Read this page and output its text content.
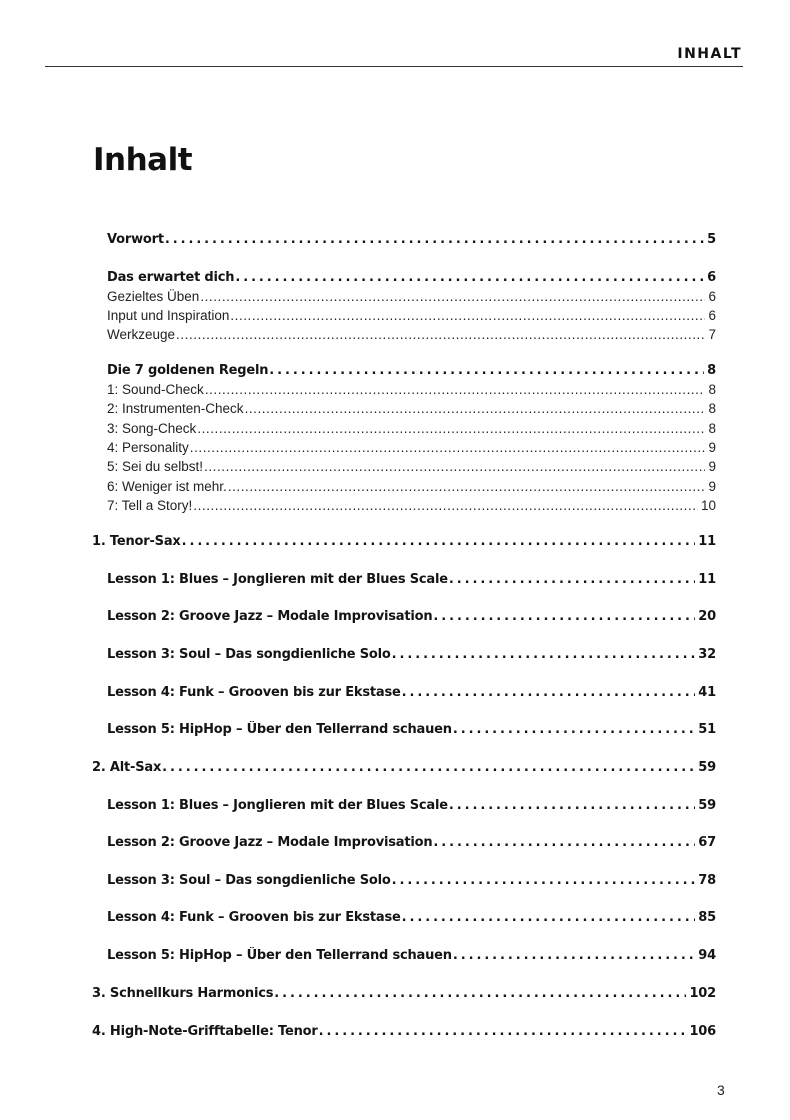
INHALT
Inhalt
Vorwort . . .	5
Das erwartet dich . . .	6
Gezieltes Üben . . .	6
Input und Inspiration . . .	6
Werkzeuge . . .	7
Die 7 goldenen Regeln . . .	8
1: Sound-Check . . .	8
2: Instrumenten-Check . . .	8
3: Song-Check . . .	8
4: Personality . . .	9
5: Sei du selbst! . . .	9
6: Weniger ist mehr. . . .	9
7: Tell a Story! . . .	10
1. Tenor-Sax . . .	11
Lesson 1: Blues – Jonglieren mit der Blues Scale . . .	11
Lesson 2: Groove Jazz – Modale Improvisation . . .	20
Lesson 3: Soul – Das songdienliche Solo . . .	32
Lesson 4: Funk – Grooven bis zur Ekstase . . .	41
Lesson 5: HipHop – Über den Tellerrand schauen . . .	51
2. Alt-Sax . . .	59
Lesson 1: Blues – Jonglieren mit der Blues Scale . . .	59
Lesson 2: Groove Jazz – Modale Improvisation . . .	67
Lesson 3: Soul – Das songdienliche Solo . . .	78
Lesson 4: Funk – Grooven bis zur Ekstase . . .	85
Lesson 5: HipHop – Über den Tellerrand schauen . . .	94
3. Schnellkurs Harmonics . . .	102
4. High-Note-Grifftabelle: Tenor . . .	106
3
